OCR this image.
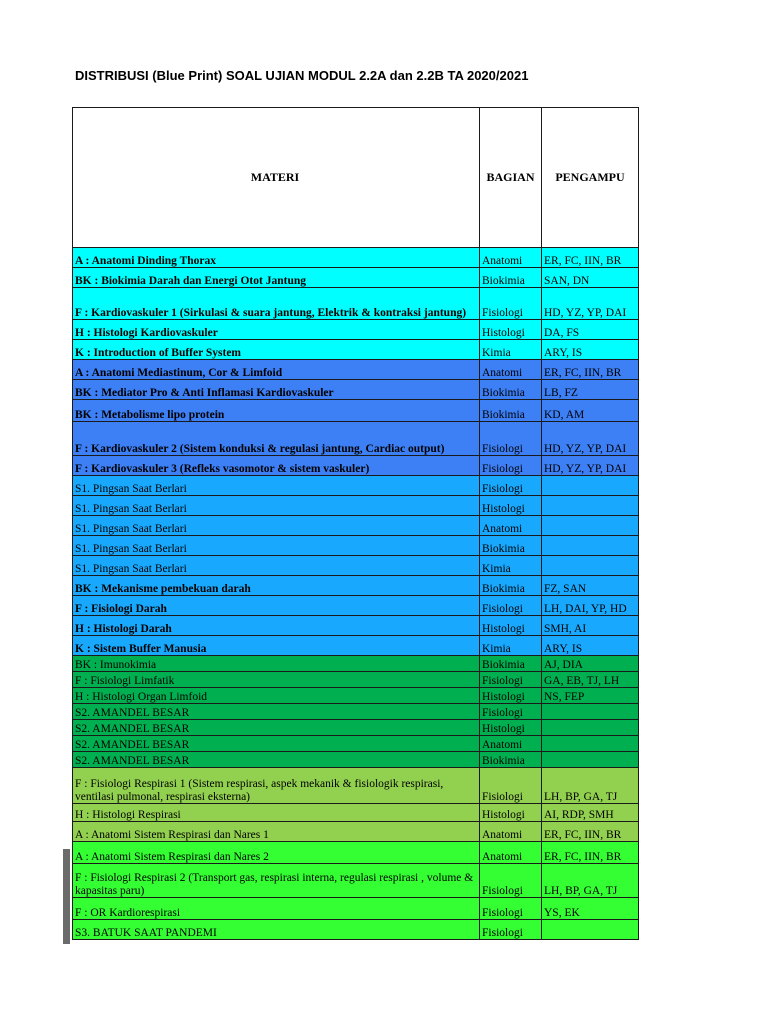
DISTRIBUSI (Blue Print) SOAL UJIAN MODUL 2.2A dan 2.2B TA 2020/2021
MATERI	BAGIAN	PENGAMPU
A : Anatomi Dinding Thorax	Anatomi	ER, FC, IIN, BR
BK : Biokimia Darah dan Energi Otot Jantung	Biokimia	SAN, DN
F : Kardiovaskuler 1 (Sirkulasi & suara jantung, Elektrik & kontraksi jantung)	Fisiologi	HD, YZ, YP, DAI
H : Histologi Kardiovaskuler	Histologi	DA, FS
K : Introduction of Buffer System	Kimia	ARY, IS
A : Anatomi Mediastinum, Cor & Limfoid	Anatomi	ER, FC, IIN, BR
BK : Mediator Pro & Anti Inflamasi Kardiovaskuler	Biokimia	LB, FZ
BK : Metabolisme lipo protein	Biokimia	KD, AM
F : Kardiovaskuler 2 (Sistem konduksi & regulasi jantung, Cardiac output)	Fisiologi	HD, YZ, YP, DAI
F : Kardiovaskuler 3 (Refleks vasomotor & sistem vaskuler)	Fisiologi	HD, YZ, YP, DAI
S1. Pingsan Saat Berlari	Fisiologi	
S1. Pingsan Saat Berlari	Histologi	
S1. Pingsan Saat Berlari	Anatomi	
S1. Pingsan Saat Berlari	Biokimia	
S1. Pingsan Saat Berlari	Kimia	
BK : Mekanisme pembekuan darah	Biokimia	FZ, SAN
F : Fisiologi Darah	Fisiologi	LH, DAI, YP, HD
H : Histologi Darah	Histologi	SMH, AI
K : Sistem Buffer Manusia	Kimia	ARY, IS
BK : Imunokimia	Biokimia	AJ, DIA
F : Fisiologi Limfatik	Fisiologi	GA, EB, TJ, LH
H : Histologi Organ Limfoid	Histologi	NS, FEP
S2. AMANDEL BESAR	Fisiologi	
S2. AMANDEL BESAR	Histologi	
S2. AMANDEL BESAR	Anatomi	
S2. AMANDEL BESAR	Biokimia	
F : Fisiologi Respirasi 1 (Sistem respirasi, aspek mekanik & fisiologik respirasi, ventilasi pulmonal, respirasi eksterna)	Fisiologi	LH, BP, GA, TJ
H : Histologi Respirasi	Histologi	AI, RDP, SMH
A : Anatomi Sistem Respirasi dan Nares 1	Anatomi	ER, FC, IIN, BR
A : Anatomi Sistem Respirasi dan Nares 2	Anatomi	ER, FC, IIN, BR
F : Fisiologi Respirasi 2 (Transport gas, respirasi interna, regulasi respirasi , volume & kapasitas paru)	Fisiologi	LH, BP, GA, TJ
F : OR Kardiorespirasi	Fisiologi	YS, EK
S3. BATUK SAAT PANDEMI	Fisiologi	
